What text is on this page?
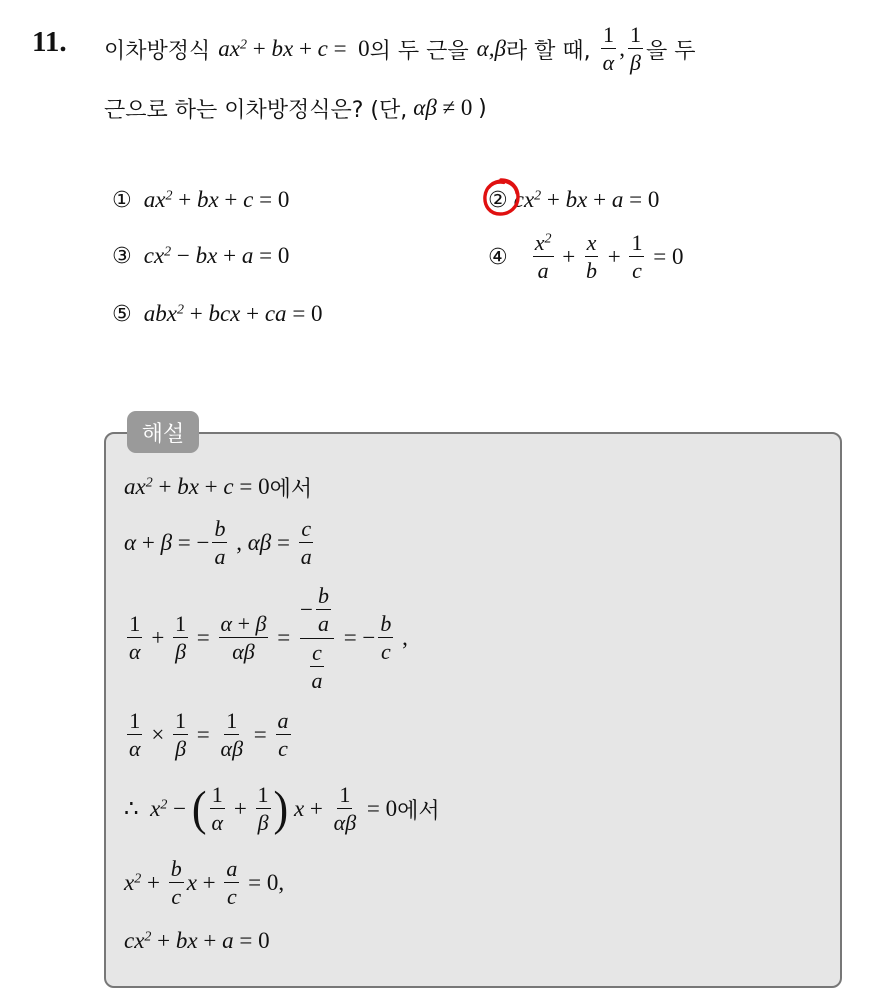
11. 이차방정식 $ax^2$ + bx + c =  0 의 두 근을 α,β 라 할 때, $\frac{1}{\alpha}$ , $\frac{1}{\beta}$ 을 두
근으로 하는 이차방정식은? (단, αβ ≠ 0 )
① $ax^2$ + bx + c = 0	② $cx^2$ + bx + a = 0
③ $cx^2$ − bx + a = 0	④ $\frac{x^2}{a} + \frac{x}{b} + \frac{1}{c} = 0$
⑤ abx$^2$ + bcx + ca = 0
해설
$ax^2$ + bx + c = 0 에서
α + β = − $\frac{b}{a}$ , $\alpha\beta = \frac{c}{a}$
$\frac{1}{\alpha} + \frac{1}{\beta} = \frac{\alpha + \beta}{\alpha\beta} = \frac{- \frac{b}{a}}{\frac{c}{a}}$ = − $\frac{b}{c}$ ,
$\frac{1}{\alpha} \times \frac{1}{\beta} = \frac{1}{\alpha\beta} = \frac{a}{c}$
∴ $x^2$ − ( $\frac{1}{\alpha} + \frac{1}{\beta}$ ) $x + \frac{1}{\alpha\beta} = 0$ 에서
$x^2 + \frac{b}{c}$ $x + \frac{a}{c} = 0$,
$cx^2$ + bx + a = 0
